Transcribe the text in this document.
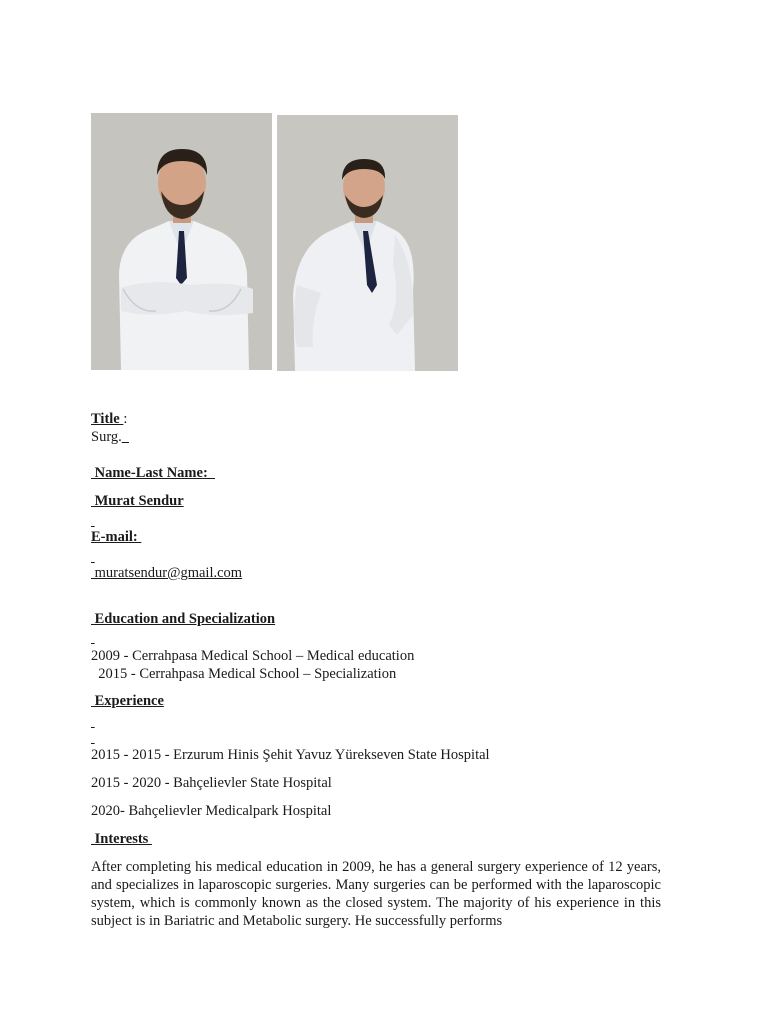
Title :
Surg.
Name-Last Name:
Murat Sendur

E-mail:

muratsendur@gmail.com
Education and Specialization

2009 - Cerrahpasa Medical School – Medical education
2015 - Cerrahpasa Medical School – Specialization
Experience

2015 - 2015 - Erzurum Hinis Şehit Yavuz Yürekseven State Hospital
2015 - 2020 - Bahçelievler State Hospital
2020- Bahçelievler Medicalpark Hospital
Interests
After completing his medical education in 2009, he has a general surgery experience of 12 years, and specializes in laparoscopic surgeries. Many surgeries can be performed with the laparoscopic system, which is commonly known as the closed system. The majority of his experience in this subject is in Bariatric and Metabolic surgery. He successfully performs
